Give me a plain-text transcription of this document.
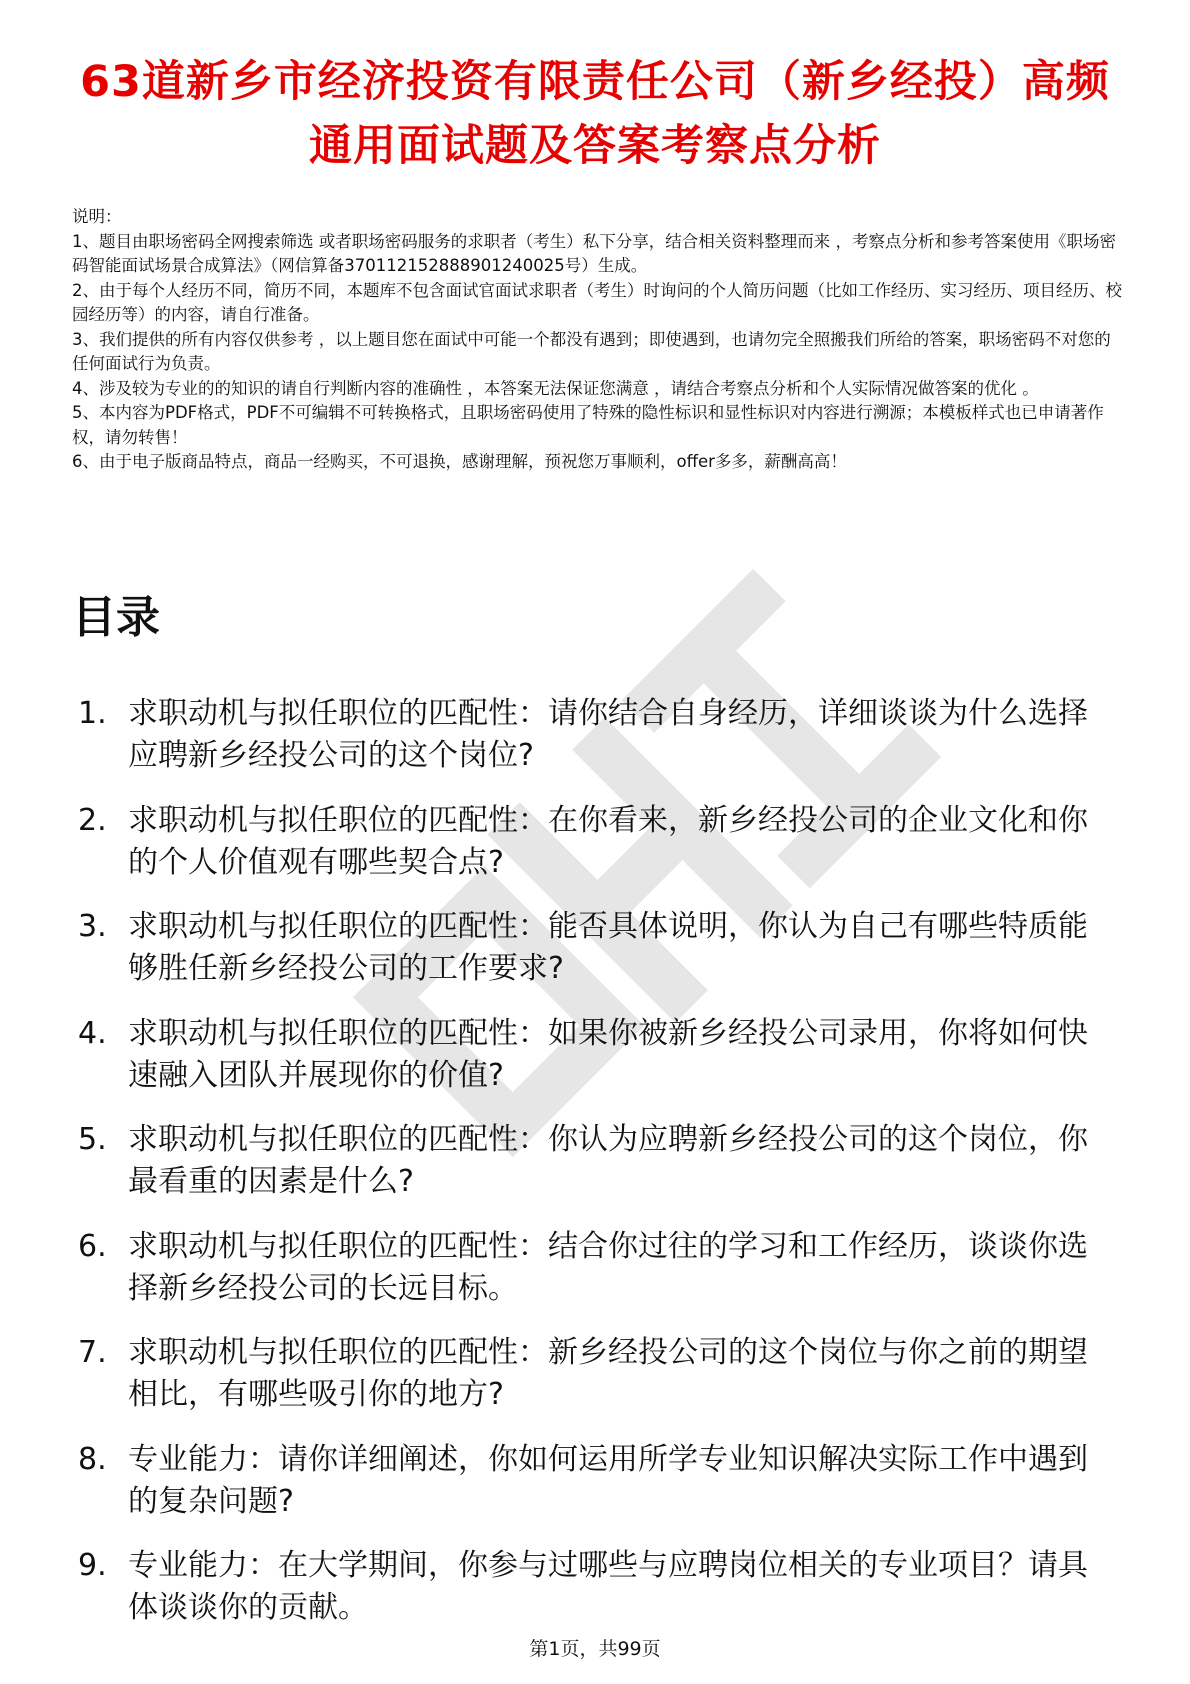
63道新乡市经济投资有限责任公司（新乡经投）高频通用面试题及答案考察点分析

说明：

1、题目由职场密码全网搜索筛选 或者职场密码服务的求职者（考生）私下分享，结合相关资料整理而来 ，考察点分析和参考答案使用《职场密码智能面试场景合成算法》（网信算备370112152888901240025号）生成。

2、由于每个人经历不同，简历不同，本题库不包含面试官面试求职者（考生）时询问的个人简历问题（比如工作经历、实习经历、项目经历、校园经历等）的内容，请自行准备。

3、我们提供的所有内容仅供参考 ，以上题目您在面试中可能一个都没有遇到；即使遇到，也请勿完全照搬我们所给的答案，职场密码不对您的任何面试行为负责。

4、涉及较为专业的的知识的请自行判断内容的准确性 ，本答案无法保证您满意 ，请结合考察点分析和个人实际情况做答案的优化 。

5、本内容为PDF格式，PDF不可编辑不可转换格式，且职场密码使用了特殊的隐性标识和显性标识对内容进行溯源；本模板样式也已申请著作权，请勿转售！

6、由于电子版商品特点，商品一经购买，不可退换，感谢理解，预祝您万事顺利，offer多多，薪酬高高！

目录
1. 求职动机与拟任职位的匹配性：请你结合自身经历，详细谈谈为什么选择应聘新乡经投公司的这个岗位?
2. 求职动机与拟任职位的匹配性：在你看来，新乡经投公司的企业文化和你的个人价值观有哪些契合点?
3. 求职动机与拟任职位的匹配性：能否具体说明，你认为自己有哪些特质能够胜任新乡经投公司的工作要求?
4. 求职动机与拟任职位的匹配性：如果你被新乡经投公司录用，你将如何快速融入团队并展现你的价值?
5. 求职动机与拟任职位的匹配性：你认为应聘新乡经投公司的这个岗位，你最看重的因素是什么?
6. 求职动机与拟任职位的匹配性：结合你过往的学习和工作经历，谈谈你选择新乡经投公司的长远目标。
7. 求职动机与拟任职位的匹配性：新乡经投公司的这个岗位与你之前的期望相比，有哪些吸引你的地方?
8. 专业能力：请你详细阐述，你如何运用所学专业知识解决实际工作中遇到的复杂问题?
9. 专业能力：在大学期间，你参与过哪些与应聘岗位相关的专业项目？请具体谈谈你的贡献。
第1页，共99页
